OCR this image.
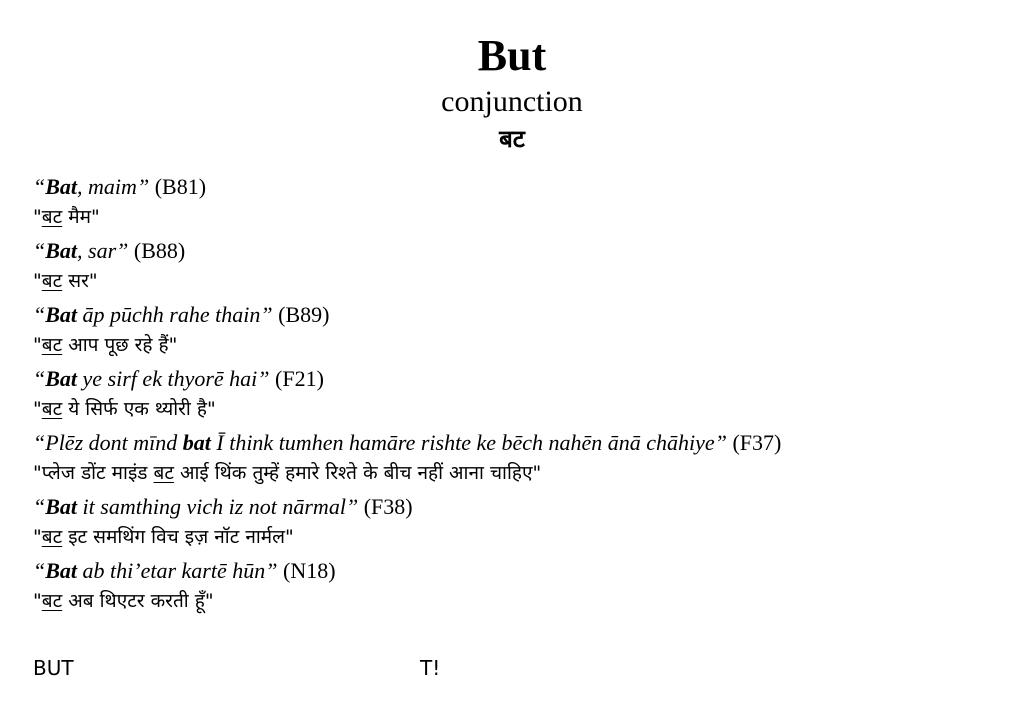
But
conjunction
बट
“Bat, maim” (B81)
"बट मैम"
“Bat, sar” (B88)
"बट सर"
“Bat āp pūchh rahe thain” (B89)
"बट आप पूछ रहे हैं"
“Bat ye sirf ek thyorē hai” (F21)
"बट ये सिर्फ एक थ्योरी है"
“Plēz dont mīnd bat Ī think tumhen hamāre rishte ke bēch nahēn ānā chāhiye” (F37)
"प्लेज डोंट माइंड बट आई थिंक तुम्हें हमारे रिश्ते के बीच नहीं आना चाहिए"
“Bat it samthing vich iz not nārmal” (F38)
"बट इट समथिंग विच इज़ नॉट नार्मल"
“Bat ab thi’etar kartē hūn” (N18)
"बट अब थिएटर करती हूँ"
BUT	T!
